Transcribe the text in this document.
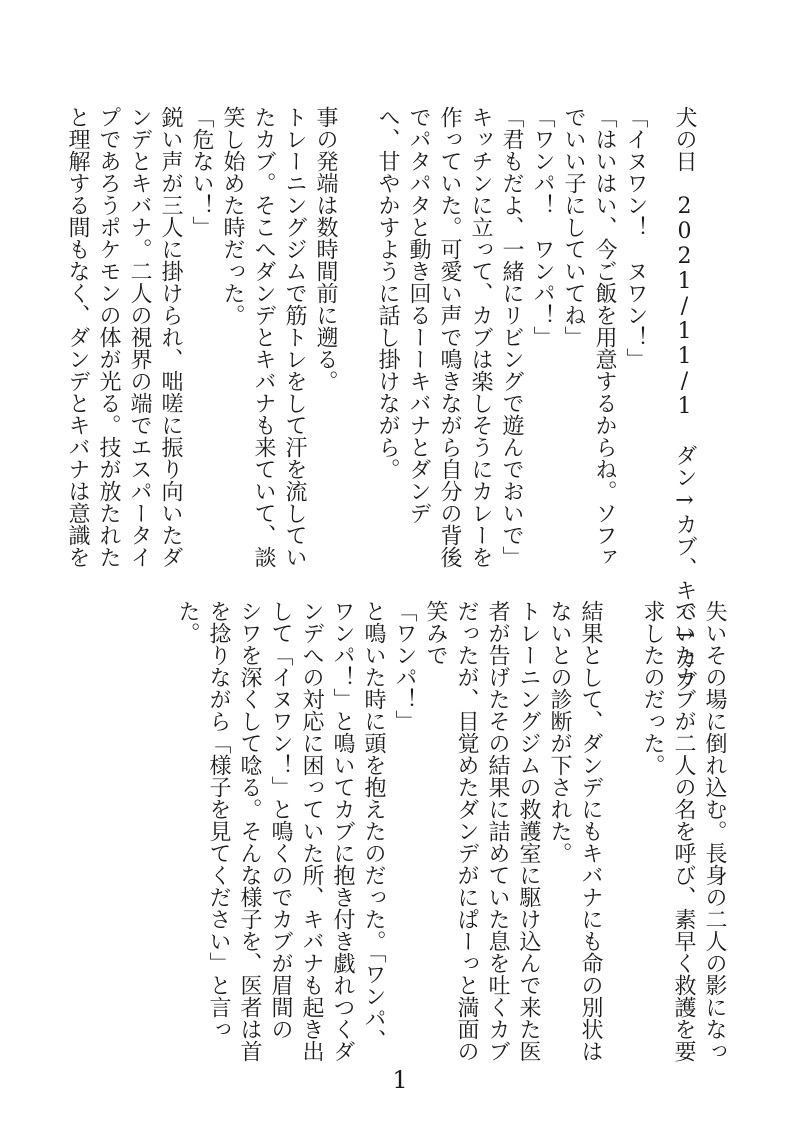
犬の日　2021/11/1 ダン→カブ、キバ→カブ
「イヌワン！　ヌワン！」
「はいはい、今ご飯を用意するからね。ソファ
でいい子にしていてね」
「ワンパ！　ワンパ！」
「君もだよ、一緒にリビングで遊んでおいで」
キッチンに立って、カブは楽しそうにカレーを
作っていた。可愛い声で鳴きながら自分の背後
でパタパタと動き回るーーキバナとダンデ
へ、甘やかすように話し掛けながら。
事の発端は数時間前に遡る。
トレーニングジムで筋トレをして汗を流してい
たカブ。そこへダンデとキバナも来ていて、談
笑し始めた時だった。
「危ない！」
鋭い声が三人に掛けられ、咄嗟に振り向いたダ
ンデとキバナ。二人の視界の端でエスパータイ
プであろうポケモンの体が光る。技が放たれた
と理解する間もなく、ダンデとキバナは意識を
失いその場に倒れ込む。長身の二人の影になっ
ていたカブが二人の名を呼び、素早く救護を要
求したのだった。
結果として、ダンデにもキバナにも命の別状は
ないとの診断が下された。
トレーニングジムの救護室に駆け込んで来た医
者が告げたその結果に詰めていた息を吐くカブ
だったが、目覚めたダンデがにぱーっと満面の
笑みで
「ワンパ！」
と鳴いた時に頭を抱えたのだった。「ワンパ、
ワンパ！」と鳴いてカブに抱き付き戯れつくダ
ンデへの対応に困っていた所、キバナも起き出
して「イヌワン！」と鳴くのでカブが眉間の
シワを深くして唸る。そんな様子を、医者は首
を捻りながら「様子を見てください」と言っ
た。
1
